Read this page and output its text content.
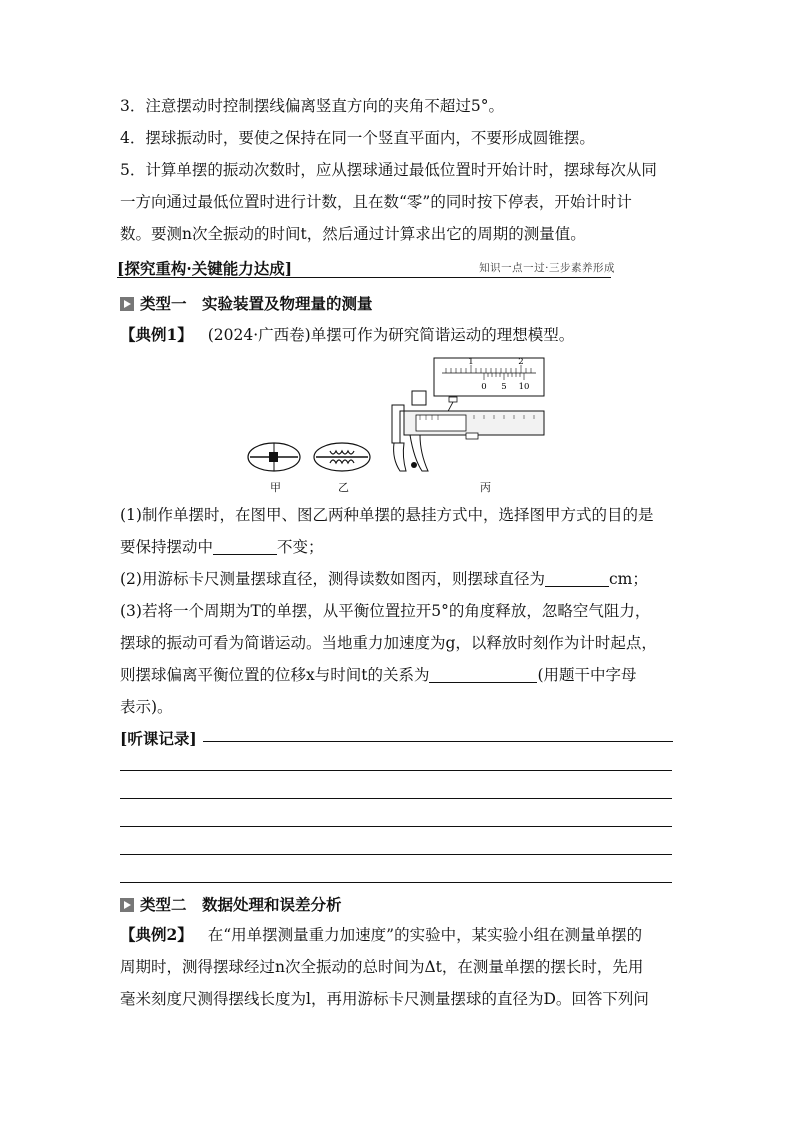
3．注意摆动时控制摆线偏离竖直方向的夹角不超过5°。
4．摆球振动时，要使之保持在同一个竖直平面内，不要形成圆锥摆。
5．计算单摆的振动次数时，应从摆球通过最低位置时开始计时，摆球每次从同
一方向通过最低位置时进行计数，且在数“零”的同时按下停表，开始计时计
数。要测n次全振动的时间t，然后通过计算求出它的周期的测量值。
[探究重构·关键能力达成]	知识一点一过·三步素养形成
类型一　实验装置及物理量的测量
【典例1】 (2024·广西卷)单摆可作为研究简谐运动的理想模型。
1	2
0 5 10
甲	乙	丙
(1)制作单摆时，在图甲、图乙两种单摆的悬挂方式中，选择图甲方式的目的是
要保持摆动中	不变；
(2)用游标卡尺测量摆球直径，测得读数如图丙，则摆球直径为	cm；
(3)若将一个周期为T的单摆，从平衡位置拉开5°的角度释放，忽略空气阻力，
摆球的振动可看为简谐运动。当地重力加速度为g，以释放时刻作为计时起点，
则摆球偏离平衡位置的位移x与时间t的关系为	(用题干中字母
表示)。
[听课记录]
类型二　数据处理和误差分析
【典例2】 在“用单摆测量重力加速度”的实验中，某实验小组在测量单摆的
周期时，测得摆球经过n次全振动的总时间为Δt，在测量单摆的摆长时，先用
毫米刻度尺测得摆线长度为l，再用游标卡尺测量摆球的直径为D。回答下列问
